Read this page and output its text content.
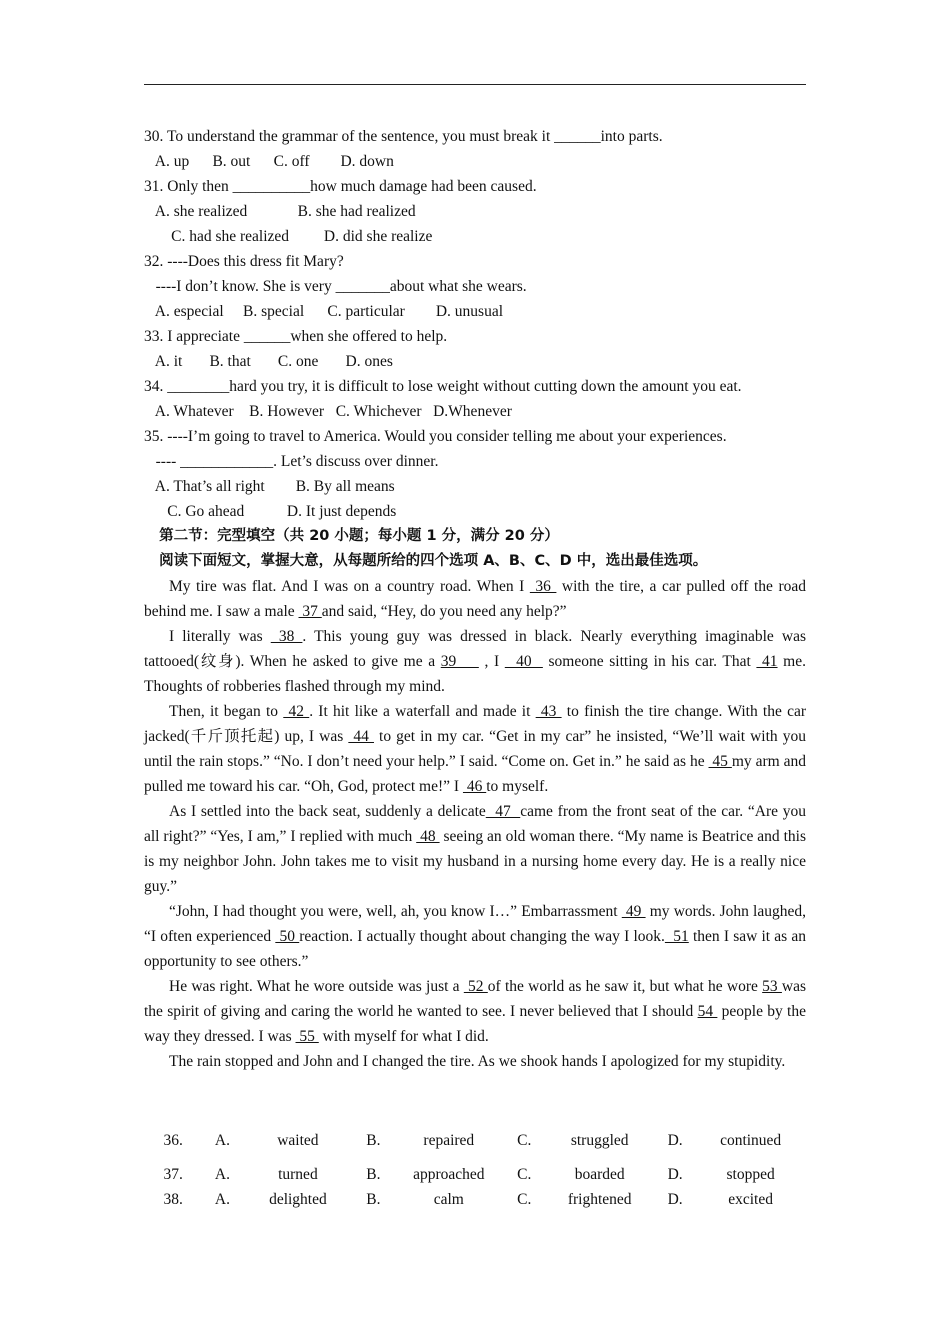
30. To understand the grammar of the sentence, you must break it ______into parts.
A. up      B. out      C. off        D. down
31. Only then __________how much damage had been caused.
A. she realized             B. she had realized
C. had she realized         D. did she realize
32. ----Does this dress fit Mary?
----I don’t know. She is very _______about what she wears.
A. especial     B. special      C. particular        D. unusual
33. I appreciate ______when she offered to help.
A. it       B. that       C. one       D. ones
34. ________hard you try, it is difficult to lose weight without cutting down the amount you eat.
A. Whatever    B. However   C. Whichever   D.Whenever
35. ----I’m going to travel to America. Would you consider telling me about your experiences.
---- ____________. Let’s discuss over dinner.
A. That’s all right        B. By all means
C. Go ahead           D. It just depends
第二节：完型填空（共 20 小题；每小题 1 分，满分 20 分）
阅读下面短文，掌握大意，从每题所给的四个选项 A、B、C、D 中，选出最佳选项。
My tire was flat. And I was on a country road. When I  36  with the tire, a car pulled off the road behind me. I saw a male  37 and said, “Hey, do you need any help?”
I literally was  38 . This young guy was dressed in black. Nearly everything imaginable was tattooed(纹身). When he asked to give me a 39     , I   40   someone sitting in his car. That  41 me. Thoughts of robberies flashed through my mind.
Then, it began to  42 . It hit like a waterfall and made it  43  to finish the tire change. With the car jacked(千斤顶托起) up, I was  44  to get in my car. “Get in my car” he insisted, “We’ll wait with you until the rain stops.” “No. I don’t need your help.” I said. “Come on. Get in.” he said as he  45 my arm and pulled me toward his car. “Oh, God, protect me!” I  46 to myself.
As I settled into the back seat, suddenly a delicate  47  came from the front seat of the car. “Are you all right?” “Yes, I am,” I replied with much  48  seeing an old woman there. “My name is Beatrice and this is my neighbor John. John takes me to visit my husband in a nursing home every day. He is a really nice guy.”
“John, I had thought you were, well, ah, you know I…” Embarrassment  49  my words. John laughed, “I often experienced  50 reaction. I actually thought about changing the way I look.  51 then I saw it as an opportunity to see others.”
He was right. What he wore outside was just a  52 of the world as he saw it, but what he wore 53 was the spirit of giving and caring the world he wanted to see. I never believed that I should 54  people by the way they dressed. I was  55  with myself for what I did.
The rain stopped and John and I changed the tire. As we shook hands I apologized for my stupidity.
36.	A.	waited	B.	repaired	C.	struggled	D.	continued

37.	A.	turned	B.	approached	C.	boarded	D.	stopped
38.	A.	delighted	B.	calm	C.	frightened	D.	excited
